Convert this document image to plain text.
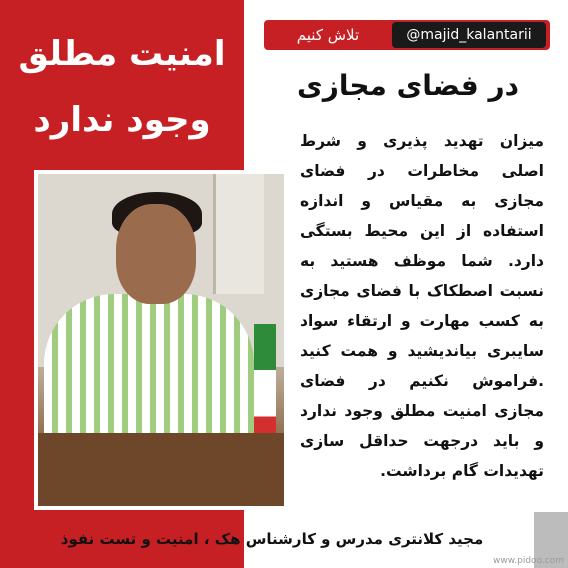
امنیت مطلق
وجود ندارد
تلاش کنیم	@majid_kalantarii
در فضای مجازی
میزان تهدید پذیری و شرط اصلی مخاطرات در فضای مجازی به مقیاس و اندازه استفاده از این محیط بستگی دارد. شما موظف هستید به نسبت اصطکاک با فضای مجازی به کسب مهارت و ارتقاء سواد سایبری بیاندیشید و همت کنید .فراموش نکنیم در فضای مجازی امنیت مطلق وجود ندارد و باید درجهت حداقل سازی تهدیدات گام برداشت.
مجید کلانتری مدرس و کارشناس هک ، امنیت و تست نفوذ
www.pidoo.com
